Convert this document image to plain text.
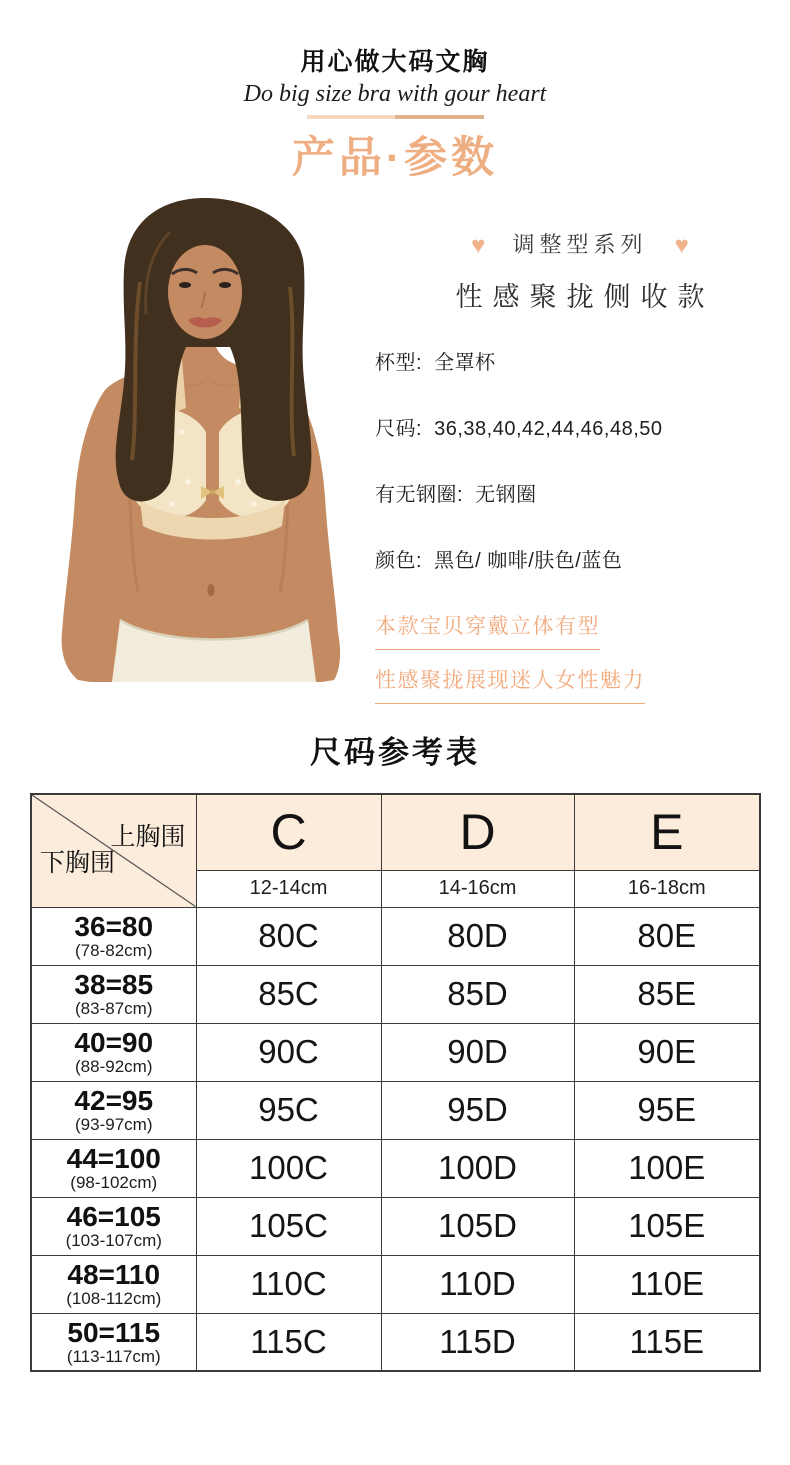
用心做大码文胸
Do big size bra with gour heart
产品·参数
♥ 调整型系列 ♥
性感聚拢侧收款
杯型: 全罩杯
尺码: 36,38,40,42,44,46,48,50
有无钢圈: 无钢圈
颜色: 黑色/ 咖啡/肤色/蓝色
本款宝贝穿戴立体有型
性感聚拢展现迷人女性魅力
尺码参考表
上胸围
下胸围	C	D	E
	12-14cm	14-16cm	16-18cm

36=80
(78-82cm)	80C	80D	80E

38=85
(83-87cm)	85C	85D	85E

40=90
(88-92cm)	90C	90D	90E

42=95
(93-97cm)	95C	95D	95E

44=100
(98-102cm)	100C	100D	100E

46=105
(103-107cm)	105C	105D	105E

48=110
(108-112cm)	110C	110D	110E

50=115
(113-117cm)	115C	115D	115E
